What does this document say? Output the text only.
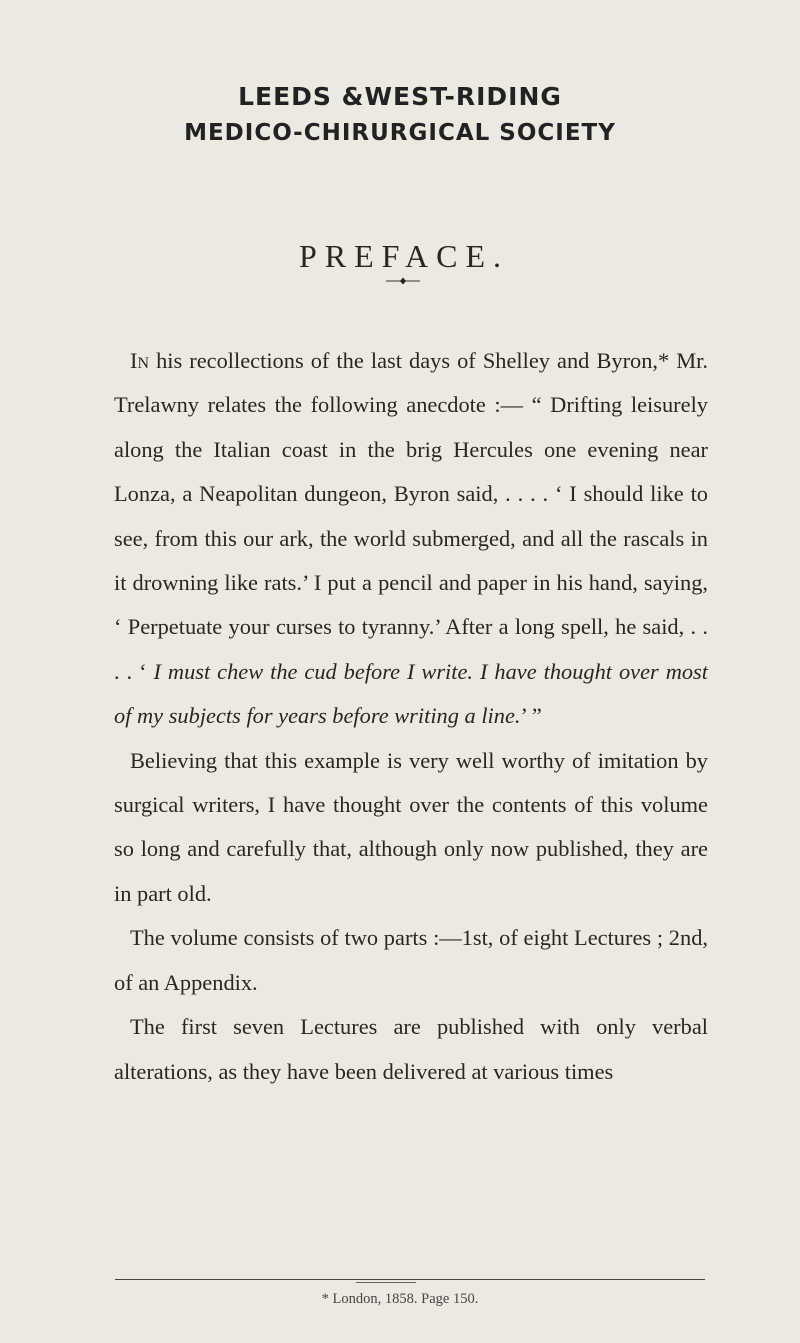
LEEDS &WEST-RIDING
MEDICO-CHIRURGICAL SOCIETY
PREFACE.

In his recollections of the last days of Shelley and Byron,* Mr. Trelawny relates the following anecdote :— “ Drifting leisurely along the Italian coast in the brig Hercules one evening near Lonza, a Neapolitan dungeon, Byron said, . . . . ‘ I should like to see, from this our ark, the world submerged, and all the rascals in it drowning like rats.’ I put a pencil and paper in his hand, saying, ‘ Perpetuate your curses to tyranny.’ After a long spell, he said, . . . . ‘ I must chew the cud before I write. I have thought over most of my subjects for years before writing a line.’ ”

Believing that this example is very well worthy of imitation by surgical writers, I have thought over the contents of this volume so long and carefully that, although only now published, they are in part old.

The volume consists of two parts :—1st, of eight Lectures ; 2nd, of an Appendix.

The first seven Lectures are published with only verbal alterations, as they have been delivered at various times

* London, 1858. Page 150.
